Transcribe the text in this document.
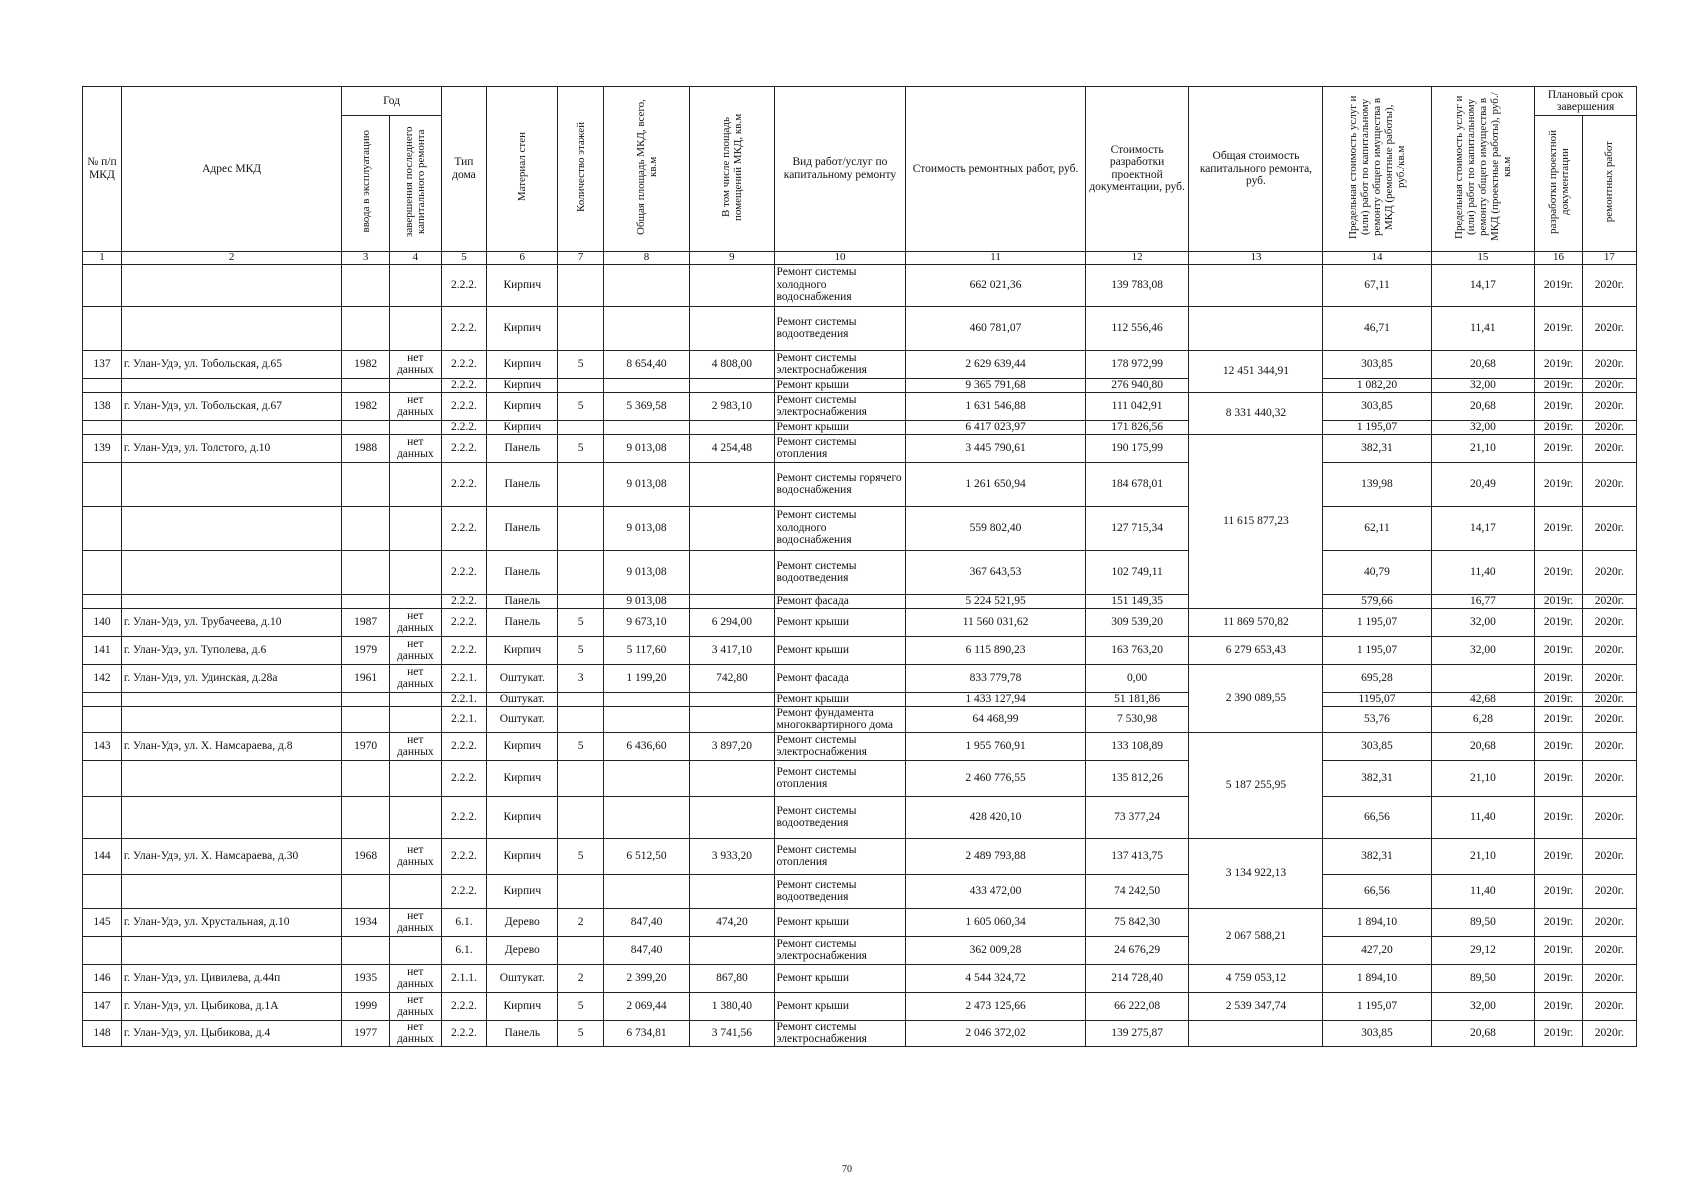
№ п/п МКД	Адрес МКД	Год		Тип дома	Материал стен	Количество этажей	Общая площадь МКД, всего, кв.м	В том числе площадь помещений МКД, кв.м	Вид работ/услуг по капитальному ремонту	Стоимость ремонтных работ, руб.	Стоимость разработки проектной документации, руб.	Общая стоимость капитального ремонта, руб.	Предельная стоимость услуг и (или) работ по капитальному ремонту общего имущества в МКД (ремонтные работы), руб./кв.м	Предельная стоимость услуг и (или) работ по капитальному ремонту общего имущества в МКД (проектные работы), руб./кв.м	Плановый срок завершения	
		ввода в эксплуатацию	завершения последнего капитального ремонта												разработки проектной документации	ремонтных работ
1	2	3	4	5	6	7	8	9	10	11	12	13	14	15	16	17
				2.2.2.	Кирпич				Ремонт системы холодного водоснабжения	662 021,36	139 783,08		67,11	14,17	2019г.	2020г.
				2.2.2.	Кирпич				Ремонт системы водоотведения	460 781,07	112 556,46		46,71	11,41	2019г.	2020г.
137	г. Улан-Удэ, ул. Тобольская, д.65	1982	нет данных	2.2.2.	Кирпич	5	8 654,40	4 808,00	Ремонт системы электроснабжения	2 629 639,44	178 972,99	12 451 344,91	303,85	20,68	2019г.	2020г.
				2.2.2.	Кирпич				Ремонт крыши	9 365 791,68	276 940,80		1 082,20	32,00	2019г.	2020г.
138	г. Улан-Удэ, ул. Тобольская, д.67	1982	нет данных	2.2.2.	Кирпич	5	5 369,58	2 983,10	Ремонт системы электроснабжения	1 631 546,88	111 042,91	8 331 440,32	303,85	20,68	2019г.	2020г.
				2.2.2.	Кирпич				Ремонт крыши	6 417 023,97	171 826,56		1 195,07	32,00	2019г.	2020г.
139	г. Улан-Удэ, ул. Толстого, д.10	1988	нет данных	2.2.2.	Панель	5	9 013,08	4 254,48	Ремонт системы отопления	3 445 790,61	190 175,99	11 615 877,23	382,31	21,10	2019г.	2020г.
				2.2.2.	Панель		9 013,08		Ремонт системы горячего водоснабжения	1 261 650,94	184 678,01		139,98	20,49	2019г.	2020г.
				2.2.2.	Панель		9 013,08		Ремонт системы холодного водоснабжения	559 802,40	127 715,34		62,11	14,17	2019г.	2020г.
				2.2.2.	Панель		9 013,08		Ремонт системы водоотведения	367 643,53	102 749,11		40,79	11,40	2019г.	2020г.
				2.2.2.	Панель		9 013,08		Ремонт фасада	5 224 521,95	151 149,35		579,66	16,77	2019г.	2020г.
140	г. Улан-Удэ, ул. Трубачеева, д.10	1987	нет данных	2.2.2.	Панель	5	9 673,10	6 294,00	Ремонт крыши	11 560 031,62	309 539,20	11 869 570,82	1 195,07	32,00	2019г.	2020г.
141	г. Улан-Удэ, ул. Туполева, д.6	1979	нет данных	2.2.2.	Кирпич	5	5 117,60	3 417,10	Ремонт крыши	6 115 890,23	163 763,20	6 279 653,43	1 195,07	32,00	2019г.	2020г.
142	г. Улан-Удэ, ул. Удинская, д.28а	1961	нет данных	2.2.1.	Оштукат.	3	1 199,20	742,80	Ремонт фасада	833 779,78	0,00	2 390 089,55	695,28		2019г.	2020г.
				2.2.1.	Оштукат.				Ремонт крыши	1 433 127,94	51 181,86		1195,07	42,68	2019г.	2020г.
				2.2.1.	Оштукат.				Ремонт фундамента многоквартирного дома	64 468,99	7 530,98		53,76	6,28	2019г.	2020г.
143	г. Улан-Удэ, ул. Х. Намсараева, д.8	1970	нет данных	2.2.2.	Кирпич	5	6 436,60	3 897,20	Ремонт системы электроснабжения	1 955 760,91	133 108,89	5 187 255,95	303,85	20,68	2019г.	2020г.
				2.2.2.	Кирпич				Ремонт системы отопления	2 460 776,55	135 812,26		382,31	21,10	2019г.	2020г.
				2.2.2.	Кирпич				Ремонт системы водоотведения	428 420,10	73 377,24		66,56	11,40	2019г.	2020г.
144	г. Улан-Удэ, ул. Х. Намсараева, д.30	1968	нет данных	2.2.2.	Кирпич	5	6 512,50	3 933,20	Ремонт системы отопления	2 489 793,88	137 413,75	3 134 922,13	382,31	21,10	2019г.	2020г.
				2.2.2.	Кирпич				Ремонт системы водоотведения	433 472,00	74 242,50		66,56	11,40	2019г.	2020г.
145	г. Улан-Удэ, ул. Хрустальная, д.10	1934	нет данных	6.1.	Дерево	2	847,40	474,20	Ремонт крыши	1 605 060,34	75 842,30	2 067 588,21	1 894,10	89,50	2019г.	2020г.
				6.1.	Дерево		847,40		Ремонт системы электроснабжения	362 009,28	24 676,29		427,20	29,12	2019г.	2020г.
146	г. Улан-Удэ, ул. Цивилева, д.44п	1935	нет данных	2.1.1.	Оштукат.	2	2 399,20	867,80	Ремонт крыши	4 544 324,72	214 728,40	4 759 053,12	1 894,10	89,50	2019г.	2020г.
147	г. Улан-Удэ, ул. Цыбикова, д.1А	1999	нет данных	2.2.2.	Кирпич	5	2 069,44	1 380,40	Ремонт крыши	2 473 125,66	66 222,08	2 539 347,74	1 195,07	32,00	2019г.	2020г.
148	г. Улан-Удэ, ул. Цыбикова, д.4	1977	нет данных	2.2.2.	Панель	5	6 734,81	3 741,56	Ремонт системы электроснабжения	2 046 372,02	139 275,87		303,85	20,68	2019г.	2020г.
70
